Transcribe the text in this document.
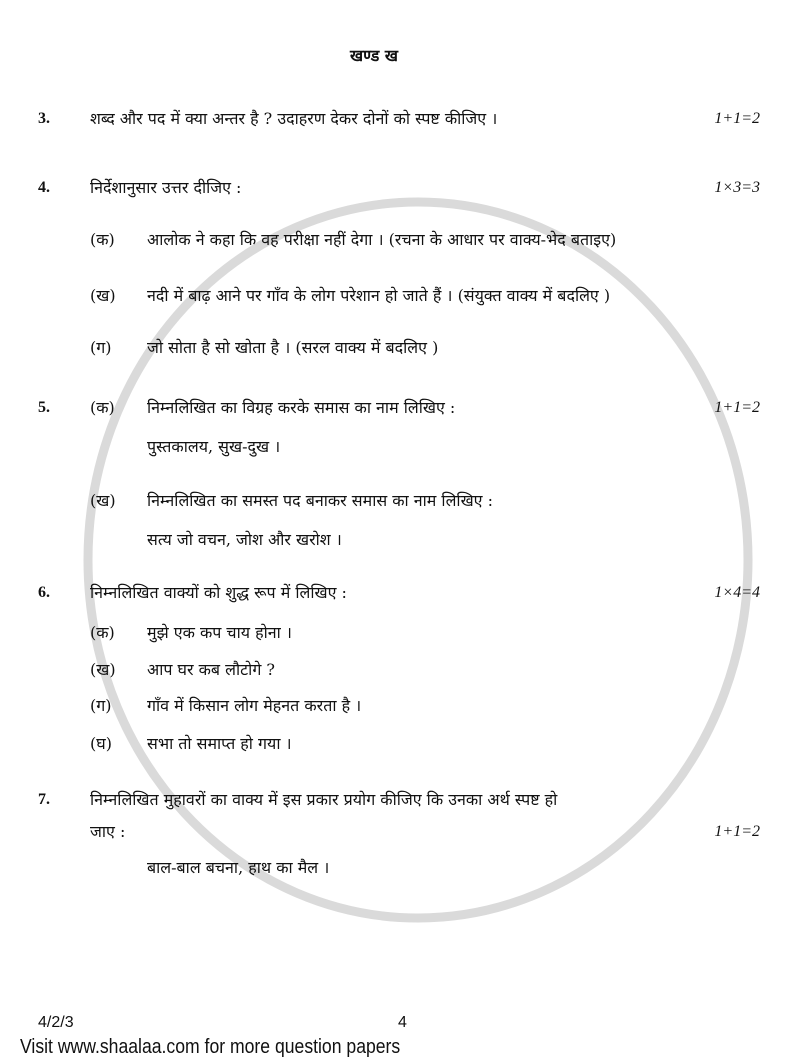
खण्ड ख
3.	शब्द और पद में क्या अन्तर है ? उदाहरण देकर दोनों को स्पष्ट कीजिए ।	1+1=2
4.	निर्देशानुसार उत्तर दीजिए :
(क)	आलोक ने कहा कि वह परीक्षा नहीं देगा । (रचना के आधार पर वाक्य-भेद बताइए)
(ख)	नदी में बाढ़ आने पर गाँव के लोग परेशान हो जाते हैं । (संयुक्त वाक्य में बदलिए )
(ग)	जो सोता है सो खोता है । (सरल वाक्य में बदलिए )
1×3=3
5.	(क)	निम्नलिखित का विग्रह करके समास का नाम लिखिए :
पुस्तकालय, सुख-दुख ।
(ख)	निम्नलिखित का समस्त पद बनाकर समास का नाम लिखिए :
सत्य जो वचन, जोश और खरोश ।
1+1=2
6.	निम्नलिखित वाक्यों को शुद्ध रूप में लिखिए :
(क)	मुझे एक कप चाय होना ।
(ख)	आप घर कब लौटोगे ?
(ग)	गाँव में किसान लोग मेहनत करता है ।
(घ)	सभा तो समाप्त हो गया ।
1×4=4
7.	निम्नलिखित मुहावरों का वाक्य में इस प्रकार प्रयोग कीजिए कि उनका अर्थ स्पष्ट हो
जाए :	1+1=2
बाल-बाल बचना, हाथ का मैल ।
4/2/3	4
Visit www.shaalaa.com for more question papers
